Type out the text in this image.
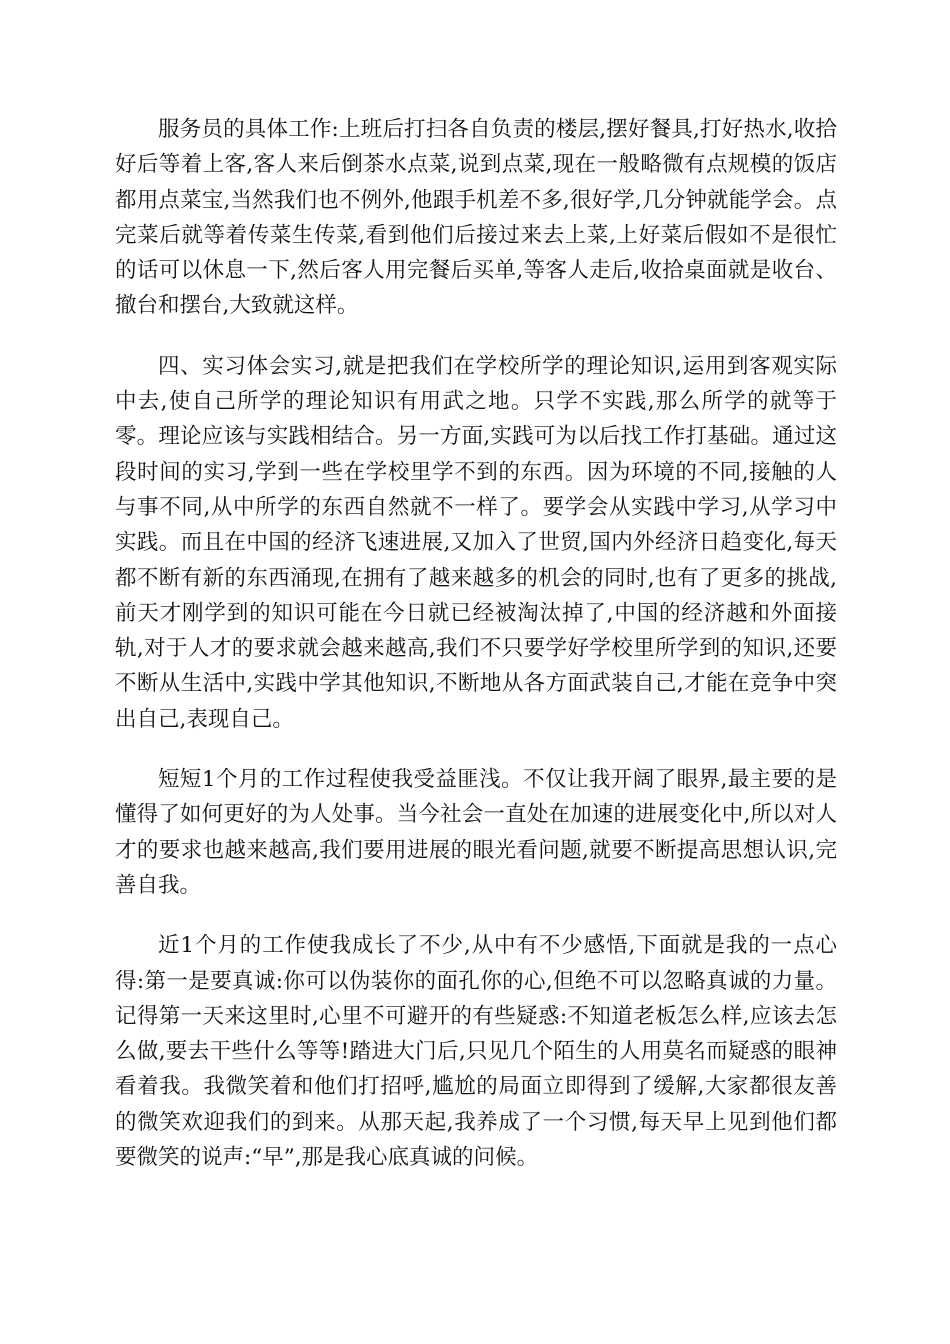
服务员的具体工作:上班后打扫各自负责的楼层,摆好餐具,打好热水,收拾好后等着上客,客人来后倒茶水点菜,说到点菜,现在一般略微有点规模的饭店都用点菜宝,当然我们也不例外,他跟手机差不多,很好学,几分钟就能学会。点完菜后就等着传菜生传菜,看到他们后接过来去上菜,上好菜后假如不是很忙的话可以休息一下,然后客人用完餐后买单,等客人走后,收拾桌面就是收台、撤台和摆台,大致就这样。

四、实习体会实习,就是把我们在学校所学的理论知识,运用到客观实际中去,使自己所学的理论知识有用武之地。只学不实践,那么所学的就等于零。理论应该与实践相结合。另一方面,实践可为以后找工作打基础。通过这段时间的实习,学到一些在学校里学不到的东西。因为环境的不同,接触的人与事不同,从中所学的东西自然就不一样了。要学会从实践中学习,从学习中实践。而且在中国的经济飞速进展,又加入了世贸,国内外经济日趋变化,每天都不断有新的东西涌现,在拥有了越来越多的机会的同时,也有了更多的挑战,前天才刚学到的知识可能在今日就已经被淘汰掉了,中国的经济越和外面接轨,对于人才的要求就会越来越高,我们不只要学好学校里所学到的知识,还要不断从生活中,实践中学其他知识,不断地从各方面武装自己,才能在竞争中突出自己,表现自己。

短短1个月的工作过程使我受益匪浅。不仅让我开阔了眼界,最主要的是懂得了如何更好的为人处事。当今社会一直处在加速的进展变化中,所以对人才的要求也越来越高,我们要用进展的眼光看问题,就要不断提高思想认识,完善自我。

近1个月的工作使我成长了不少,从中有不少感悟,下面就是我的一点心得:第一是要真诚:你可以伪装你的面孔你的心,但绝不可以忽略真诚的力量。记得第一天来这里时,心里不可避开的有些疑惑:不知道老板怎么样,应该去怎么做,要去干些什么等等!踏进大门后,只见几个陌生的人用莫名而疑惑的眼神看着我。我微笑着和他们打招呼,尴尬的局面立即得到了缓解,大家都很友善的微笑欢迎我们的到来。从那天起,我养成了一个习惯,每天早上见到他们都要微笑的说声:“早”,那是我心底真诚的问候。
